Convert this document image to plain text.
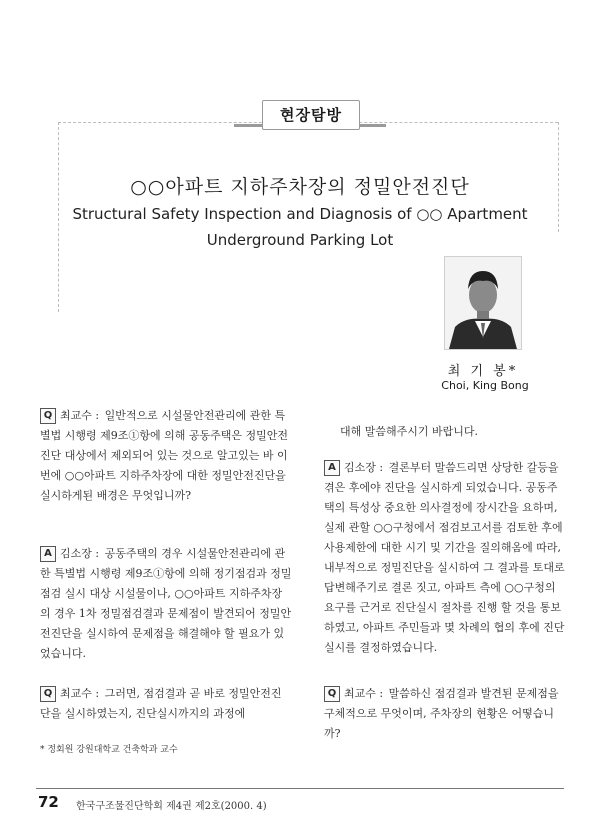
현장탐방
○○아파트 지하주차장의 정밀안전진단
Structural Safety Inspection and Diagnosis of ○○ Apartment
Underground Parking Lot
최 기 봉*
Choi, King Bong
Q 최교수 : 일반적으로 시설물안전관리에 관한 특별법 시행령 제9조①항에 의해 공동주택은 정밀안전진단 대상에서 제외되어 있는 것으로 알고있는 바 이번에 ○○아파트 지하주차장에 대한 정밀안전진단을 실시하게된 배경은 무엇입니까?
A 김소장 : 공동주택의 경우 시설물안전관리에 관한 특별법 시행령 제9조①항에 의해 정기점검과 정밀점검 실시 대상 시설물이나, ○○아파트 지하주차장의 경우 1차 정밀점검결과 문제점이 발견되어 정밀안전진단을 실시하여 문제점을 해결해야 할 필요가 있었습니다.
Q 최교수 : 그러면, 점검결과 곧 바로 정밀안전진단을 실시하였는지, 진단실시까지의 과정에
대해 말씀해주시기 바랍니다.
A 김소장 : 결론부터 말씀드리면 상당한 갈등을 겪은 후에야 진단을 실시하게 되었습니다. 공동주택의 특성상 중요한 의사결정에 장시간을 요하며, 실제 관할 ○○구청에서 점검보고서를 검토한 후에 사용제한에 대한 시기 및 기간을 질의해옴에 따라, 내부적으로 정밀진단을 실시하여 그 결과를 토대로 답변해주기로 결론 짓고, 아파트 측에 ○○구청의 요구를 근거로 진단실시 절차를 진행 할 것을 통보하였고, 아파트 주민들과 몇 차례의 협의 후에 진단실시를 결정하였습니다.
Q 최교수 : 말씀하신 점검결과 발견된 문제점을 구체적으로 무엇이며, 주차장의 현황은 어떻습니까?
* 정회원 강원대학교 건축학과 교수
72 한국구조물진단학회 제4권 제2호(2000. 4)
